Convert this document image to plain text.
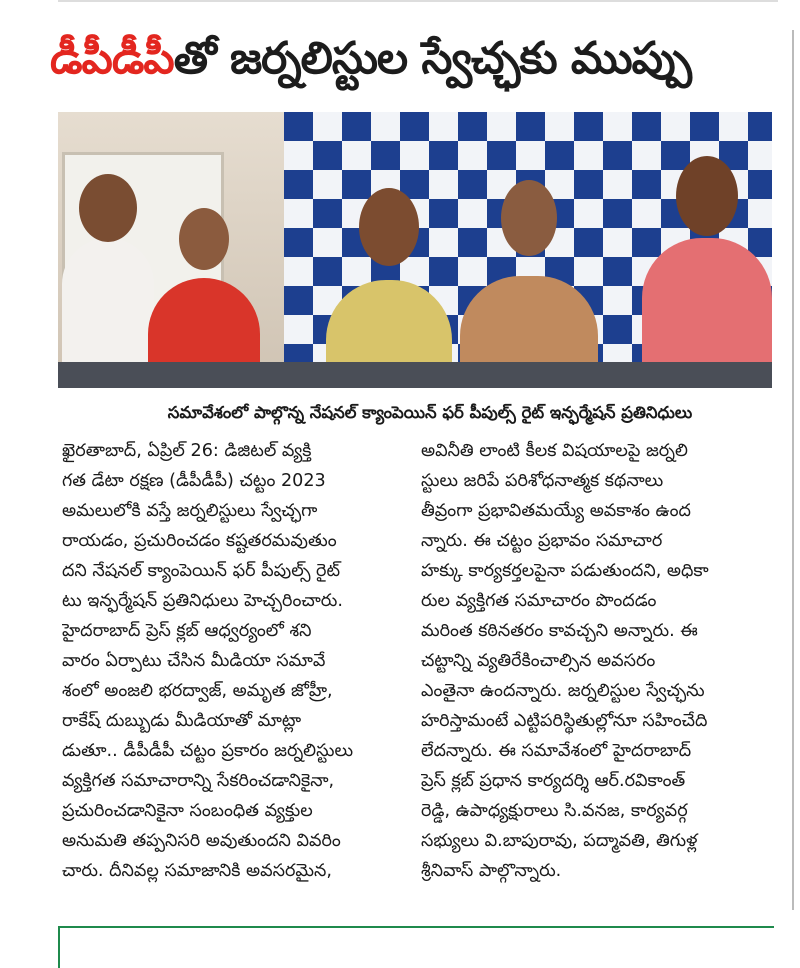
డీపీడీపీతో జర్నలిస్టుల స్వేచ్ఛకు ముప్పు
సమావేశంలో పాల్గొన్న నేషనల్ క్యాంపెయిన్ ఫర్ పీపుల్స్ రైట్ ఇన్ఫర్మేషన్ ప్రతినిధులు
ఖైరతాబాద్, ఏప్రిల్ 26: డిజిటల్ వ్యక్తి
గత డేటా రక్షణ (డీపీడీపీ) చట్టం 2023
అమలులోకి వస్తే జర్నలిస్టులు స్వేచ్ఛగా
రాయడం, ప్రచురించడం కష్టతరమవుతుం
దని నేషనల్ క్యాంపెయిన్ ఫర్ పీపుల్స్ రైట్
టు ఇన్ఫర్మేషన్ ప్రతినిధులు హెచ్చరించారు.
హైదరాబాద్ ప్రెస్ క్లబ్ ఆధ్వర్యంలో శని
వారం ఏర్పాటు చేసిన మీడియా సమావే
శంలో అంజలి భరద్వాజ్, అమృత జోహ్రీ,
రాకేష్ దుబ్బుడు మీడియాతో మాట్లా
డుతూ.. డీపీడీపీ చట్టం ప్రకారం జర్నలిస్టులు
వ్యక్తిగత సమాచారాన్ని సేకరించడానికైనా,
ప్రచురించడానికైనా సంబంధిత వ్యక్తుల
అనుమతి తప్పనిసరి అవుతుందని వివరిం
చారు. దీనివల్ల సమాజానికి అవసరమైన,
అవినీతి లాంటి కీలక విషయాలపై జర్నలి
స్టులు జరిపే పరిశోధనాత్మక కథనాలు
తీవ్రంగా ప్రభావితమయ్యే అవకాశం ఉంద
న్నారు. ఈ చట్టం ప్రభావం సమాచార
హక్కు కార్యకర్తలపైనా పడుతుందని, అధికా
రుల వ్యక్తిగత సమాచారం పొందడం
మరింత కఠినతరం కావచ్చని అన్నారు. ఈ
చట్టాన్ని వ్యతిరేకించాల్సిన అవసరం
ఎంతైనా ఉందన్నారు. జర్నలిస్టుల స్వేచ్ఛను
హరిస్తామంటే ఎట్టిపరిస్థితుల్లోనూ సహించేది
లేదన్నారు. ఈ సమావేశంలో హైదరాబాద్
ప్రెస్ క్లబ్ ప్రధాన కార్యదర్శి ఆర్.రవికాంత్
రెడ్డి, ఉపాధ్యక్షురాలు సి.వనజ, కార్యవర్గ
సభ్యులు వి.బాపురావు, పద్మావతి, తిగుళ్ల
శ్రీనివాస్ పాల్గొన్నారు.
